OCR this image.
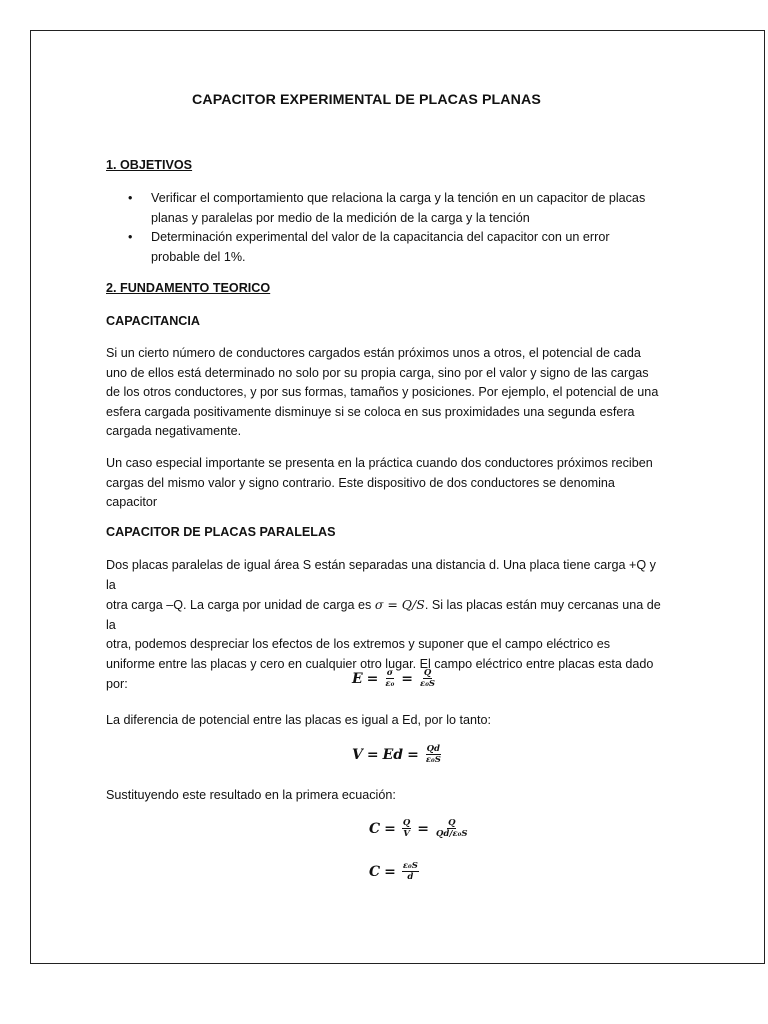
CAPACITOR EXPERIMENTAL DE PLACAS PLANAS
1. OBJETIVOS
• Verificar el comportamiento que relaciona la carga y la tención en un capacitor de placas
planas y paralelas por medio de la medición de la carga y la tención
• Determinación experimental del valor de la capacitancia del capacitor con un error
probable del 1%.
2. FUNDAMENTO TEORICO
CAPACITANCIA
Si un cierto número de conductores cargados están próximos unos a otros, el potencial de cada
uno de ellos está determinado no solo por su propia carga, sino por el valor y signo de las cargas
de los otros conductores, y por sus formas, tamaños y posiciones. Por ejemplo, el potencial de una
esfera cargada positivamente disminuye si se coloca en sus proximidades una segunda esfera
cargada negativamente.
Un caso especial importante se presenta en la práctica cuando dos conductores próximos reciben
cargas del mismo valor y signo contrario. Este dispositivo de dos conductores se denomina
capacitor
CAPACITOR DE PLACAS PARALELAS
Dos placas paralelas de igual área S están separadas una distancia d. Una placa tiene carga +Q y la
otra carga –Q. La carga por unidad de carga es σ = Q/S. Si las placas están muy cercanas una de la
otra, podemos despreciar los efectos de los extremos y suponer que el campo eléctrico es
uniforme entre las placas y cero en cualquier otro lugar. El campo eléctrico entre placas esta dado
por:	$E = \frac{\sigma}{\text{ε₀}} = \frac{Q}{\text{ε₀S}}$
La diferencia de potencial entre las placas es igual a Ed, por lo tanto:
$V = Ed = \frac{Qd}{\text{ε₀S}}$
Sustituyendo este resultado en la primera ecuación:
$C = \frac{Q}{V} = \frac{Q}{\text{Qd/ε₀S}}$
$C = \frac{\text{ε₀S}}{d}$
